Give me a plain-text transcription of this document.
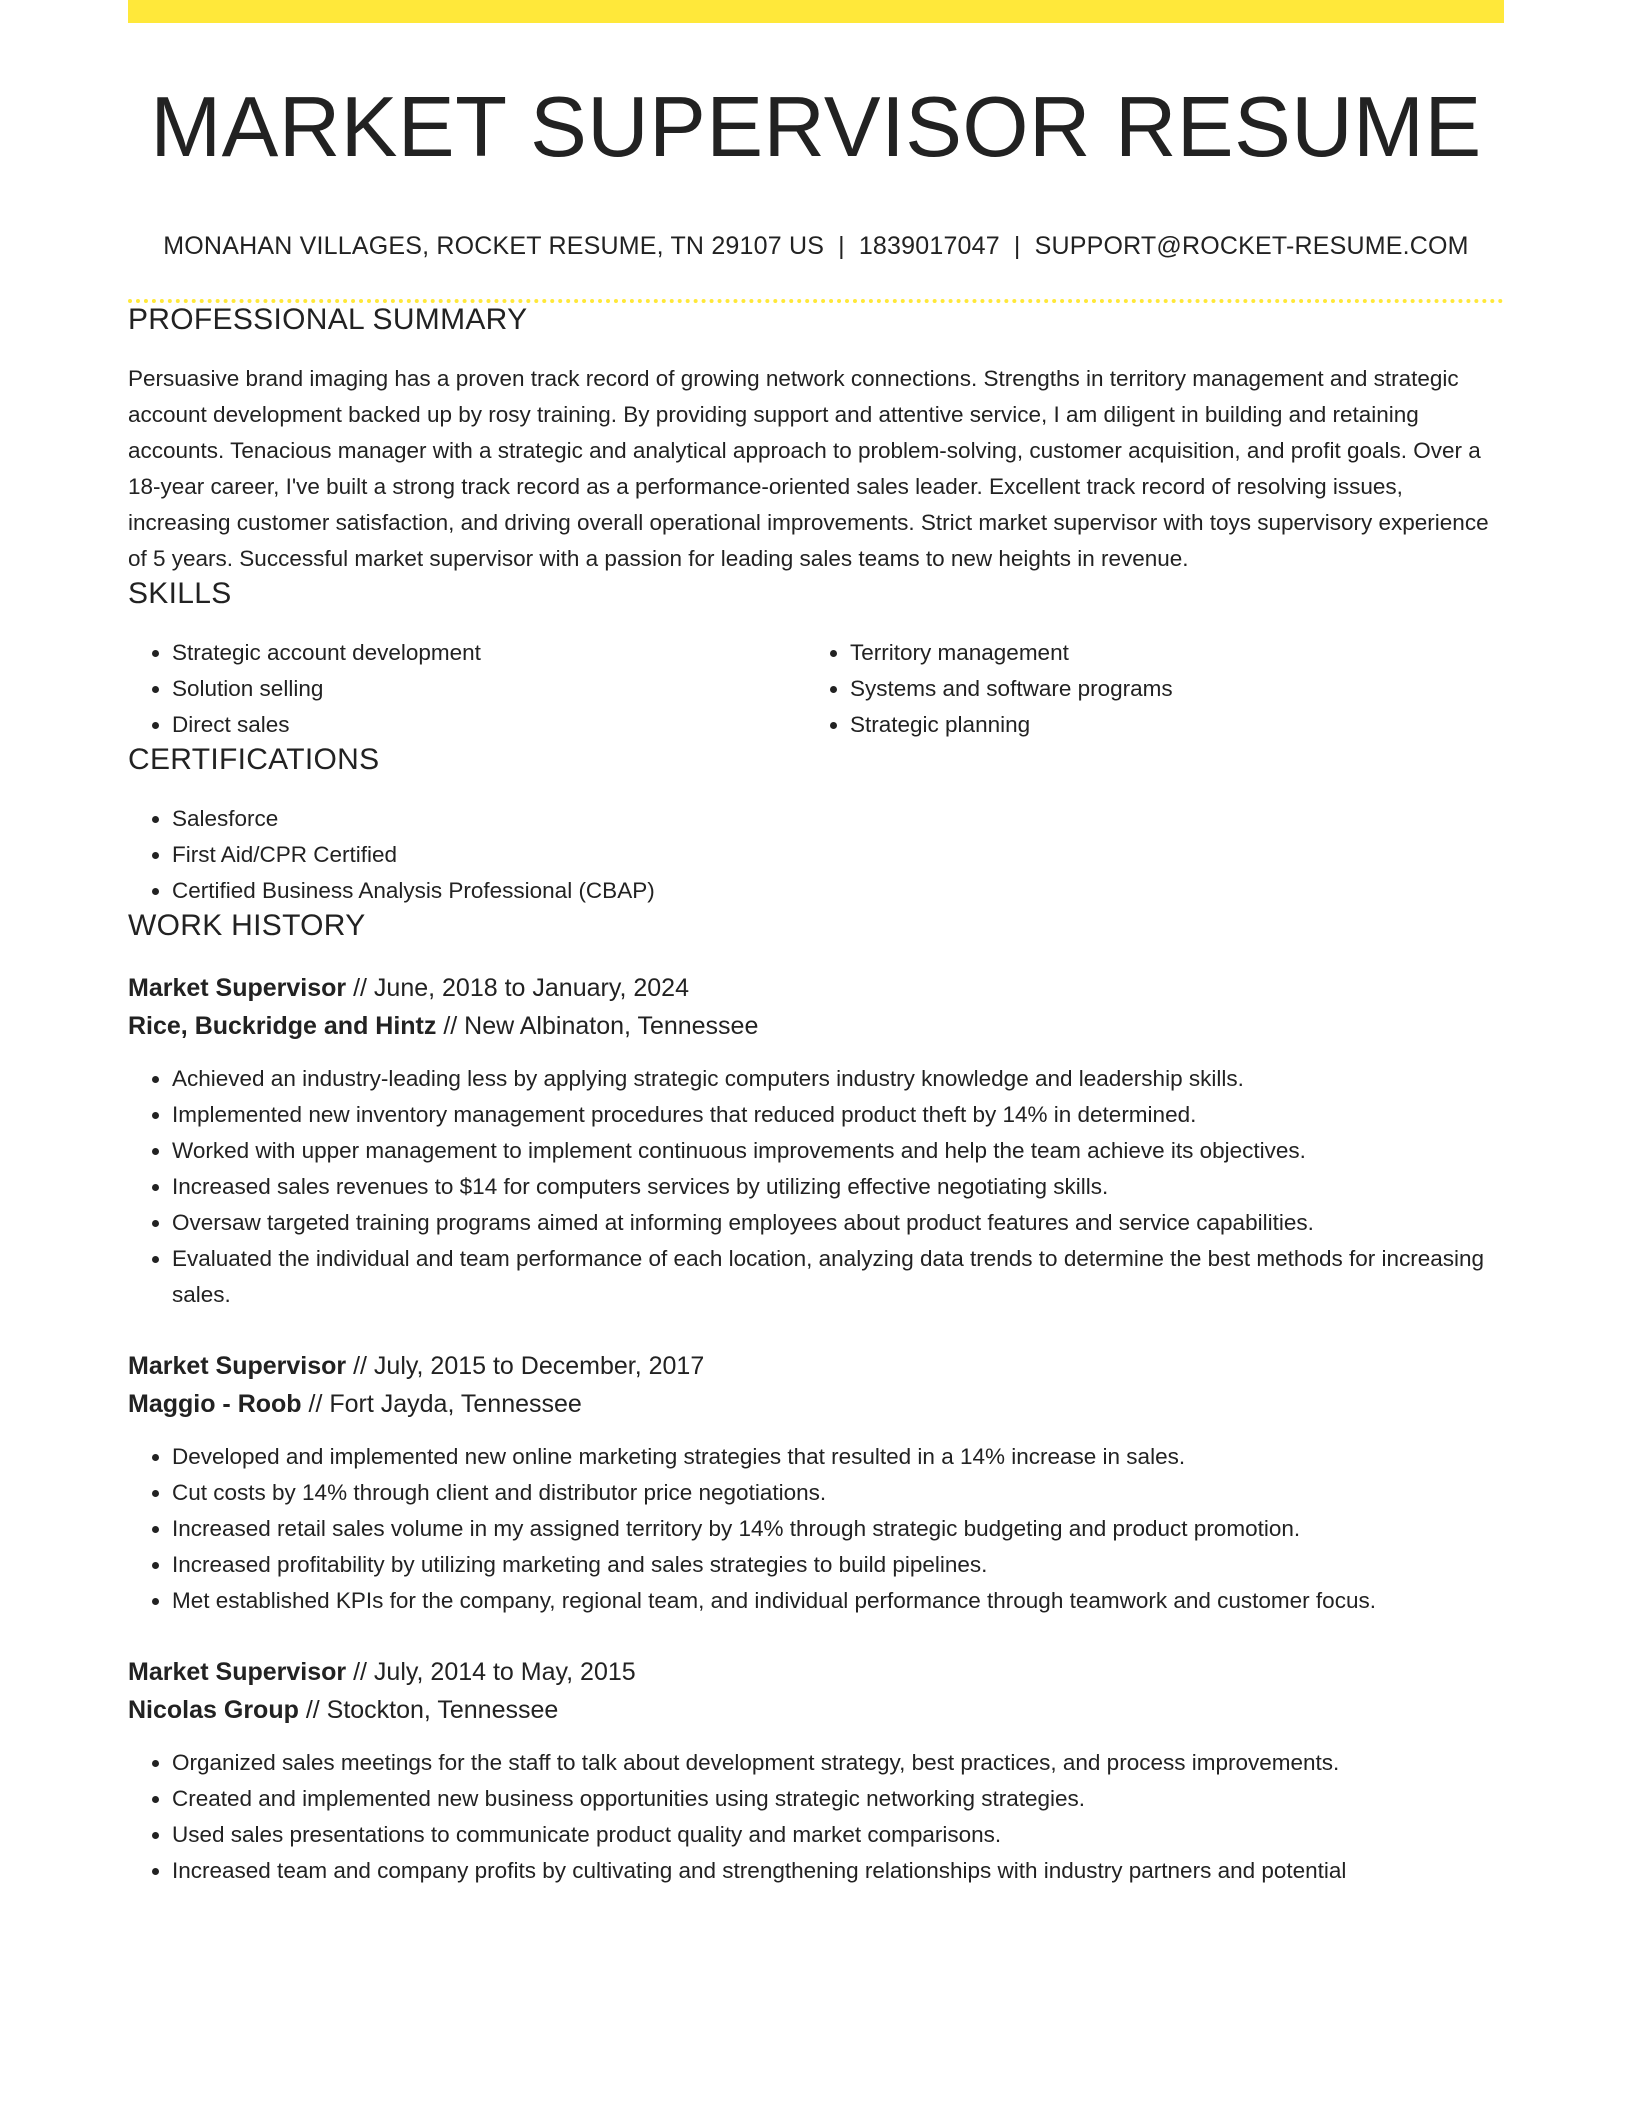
MARKET SUPERVISOR RESUME
MONAHAN VILLAGES, ROCKET RESUME, TN 29107 US | 1839017047 | SUPPORT@ROCKET-RESUME.COM
PROFESSIONAL SUMMARY
Persuasive brand imaging has a proven track record of growing network connections. Strengths in territory management and strategic account development backed up by rosy training. By providing support and attentive service, I am diligent in building and retaining accounts. Tenacious manager with a strategic and analytical approach to problem-solving, customer acquisition, and profit goals. Over a 18-year career, I've built a strong track record as a performance-oriented sales leader. Excellent track record of resolving issues, increasing customer satisfaction, and driving overall operational improvements. Strict market supervisor with toys supervisory experience of 5 years. Successful market supervisor with a passion for leading sales teams to new heights in revenue.
SKILLS
• Strategic account development
• Solution selling
• Direct sales
• Territory management
• Systems and software programs
• Strategic planning
CERTIFICATIONS
• Salesforce
• First Aid/CPR Certified
• Certified Business Analysis Professional (CBAP)
WORK HISTORY
Market Supervisor // June, 2018 to January, 2024
Rice, Buckridge and Hintz // New Albinaton, Tennessee
• Achieved an industry-leading less by applying strategic computers industry knowledge and leadership skills.
• Implemented new inventory management procedures that reduced product theft by 14% in determined.
• Worked with upper management to implement continuous improvements and help the team achieve its objectives.
• Increased sales revenues to $14 for computers services by utilizing effective negotiating skills.
• Oversaw targeted training programs aimed at informing employees about product features and service capabilities.
• Evaluated the individual and team performance of each location, analyzing data trends to determine the best methods for increasing sales.
Market Supervisor // July, 2015 to December, 2017
Maggio - Roob // Fort Jayda, Tennessee
• Developed and implemented new online marketing strategies that resulted in a 14% increase in sales.
• Cut costs by 14% through client and distributor price negotiations.
• Increased retail sales volume in my assigned territory by 14% through strategic budgeting and product promotion.
• Increased profitability by utilizing marketing and sales strategies to build pipelines.
• Met established KPIs for the company, regional team, and individual performance through teamwork and customer focus.
Market Supervisor // July, 2014 to May, 2015
Nicolas Group // Stockton, Tennessee
• Organized sales meetings for the staff to talk about development strategy, best practices, and process improvements.
• Created and implemented new business opportunities using strategic networking strategies.
• Used sales presentations to communicate product quality and market comparisons.
• Increased team and company profits by cultivating and strengthening relationships with industry partners and potential
